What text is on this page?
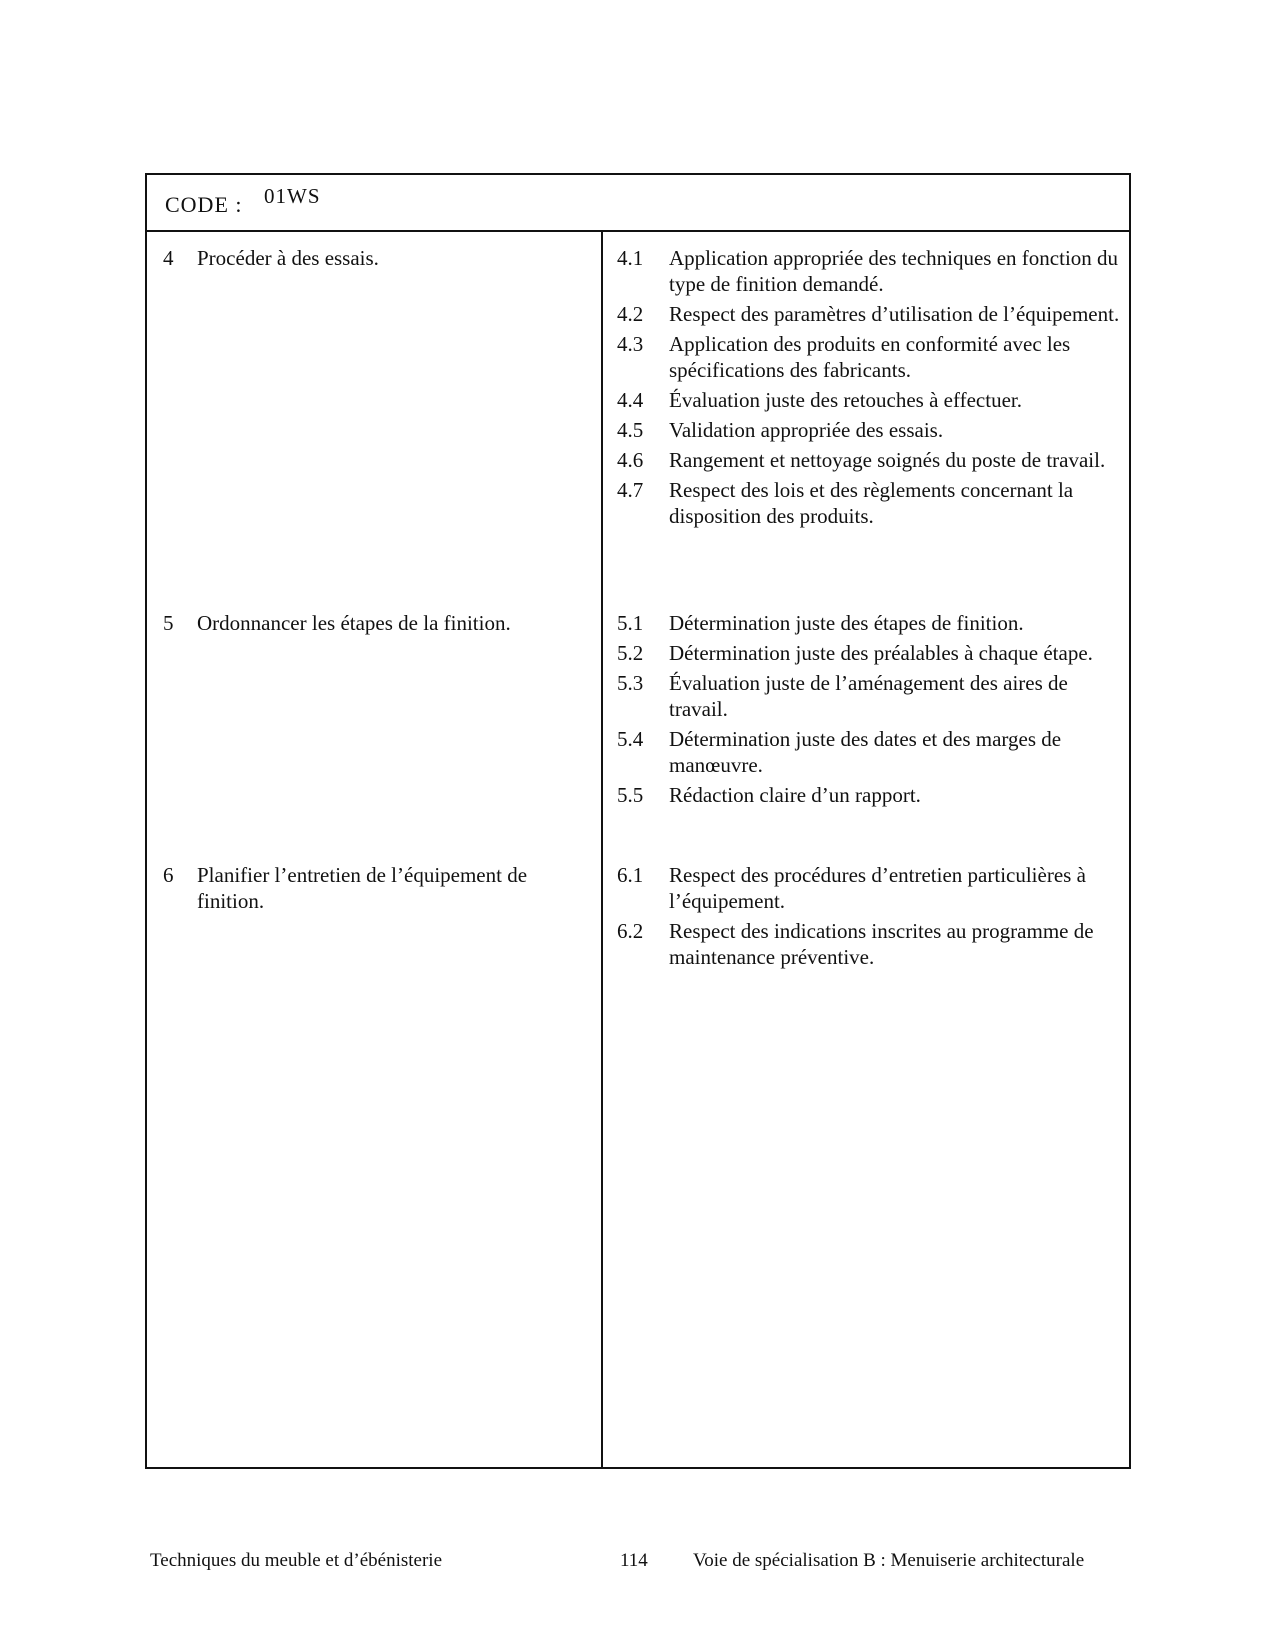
CODE : 01WS
4 Procéder à des essais.
5 Ordonnancer les étapes de la finition.
6 Planifier l’entretien de l’équipement de finition.
4.1 Application appropriée des techniques en fonction du type de finition demandé.
4.2 Respect des paramètres d’utilisation de l’équipement.
4.3 Application des produits en conformité avec les spécifications des fabricants.
4.4 Évaluation juste des retouches à effectuer.
4.5 Validation appropriée des essais.
4.6 Rangement et nettoyage soignés du poste de travail.
4.7 Respect des lois et des règlements concernant la disposition des produits.
5.1 Détermination juste des étapes de finition.
5.2 Détermination juste des préalables à chaque étape.
5.3 Évaluation juste de l’aménagement des aires de travail.
5.4 Détermination juste des dates et des marges de manœuvre.
5.5 Rédaction claire d’un rapport.
6.1 Respect des procédures d’entretien particulières à l’équipement.
6.2 Respect des indications inscrites au programme de maintenance préventive.
Techniques du meuble et d’ébénisterie	114 Voie de spécialisation B : Menuiserie architecturale
